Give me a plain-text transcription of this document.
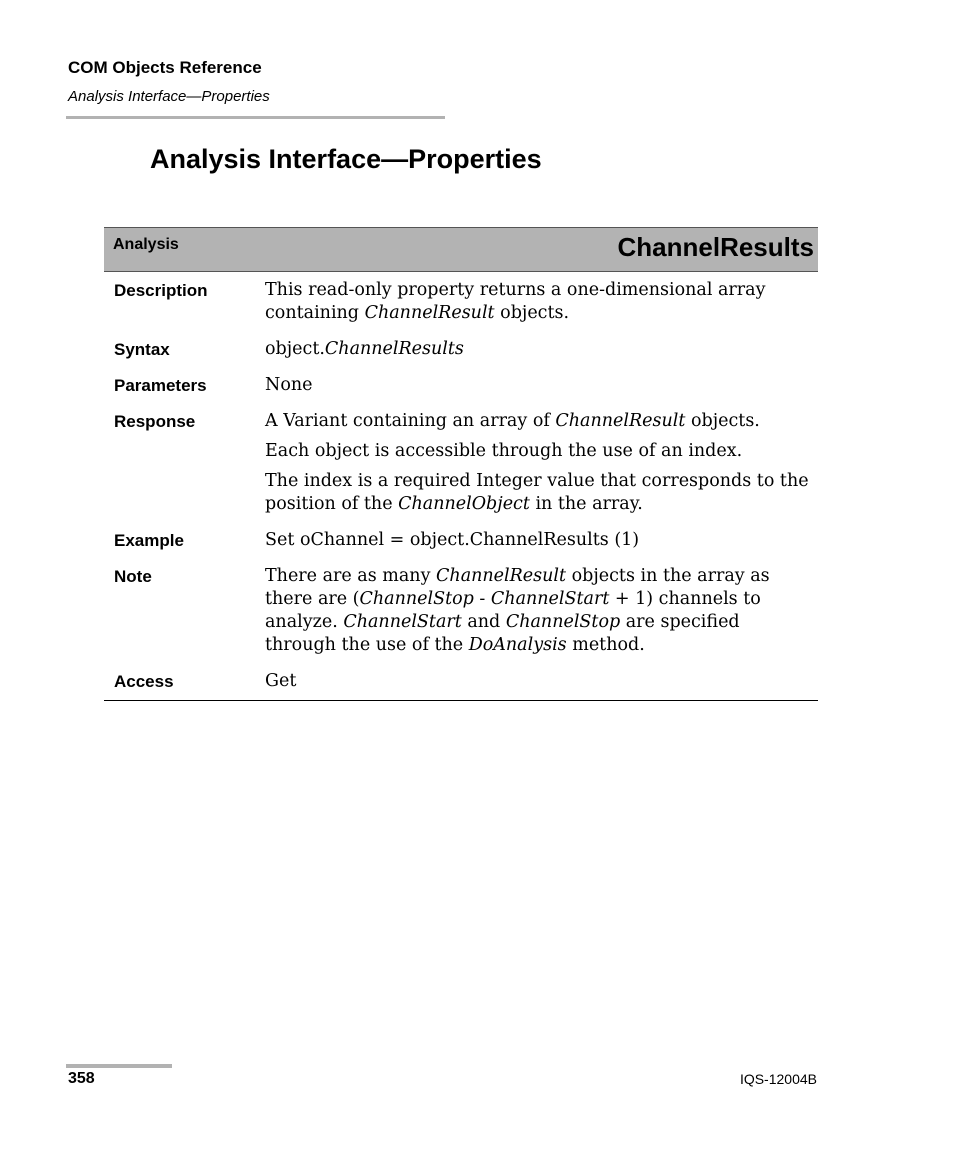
COM Objects Reference
Analysis Interface—Properties
Analysis Interface—Properties
Analysis	ChannelResults
Description	This read-only property returns a one-dimensional array
containing ChannelResult objects.
Syntax	object.ChannelResults
Parameters	None
Response	A Variant containing an array of ChannelResult objects.

Each object is accessible through the use of an index.

The index is a required Integer value that corresponds to the position of the ChannelObject in the array.

Example	Set oChannel = object.ChannelResults (1)
Note	There are as many ChannelResult objects in the array as there are (ChannelStop - ChannelStart + 1) channels to analyze. ChannelStart and ChannelStop are specified through the use of the DoAnalysis method.
Access	Get
358	IQS-12004B
